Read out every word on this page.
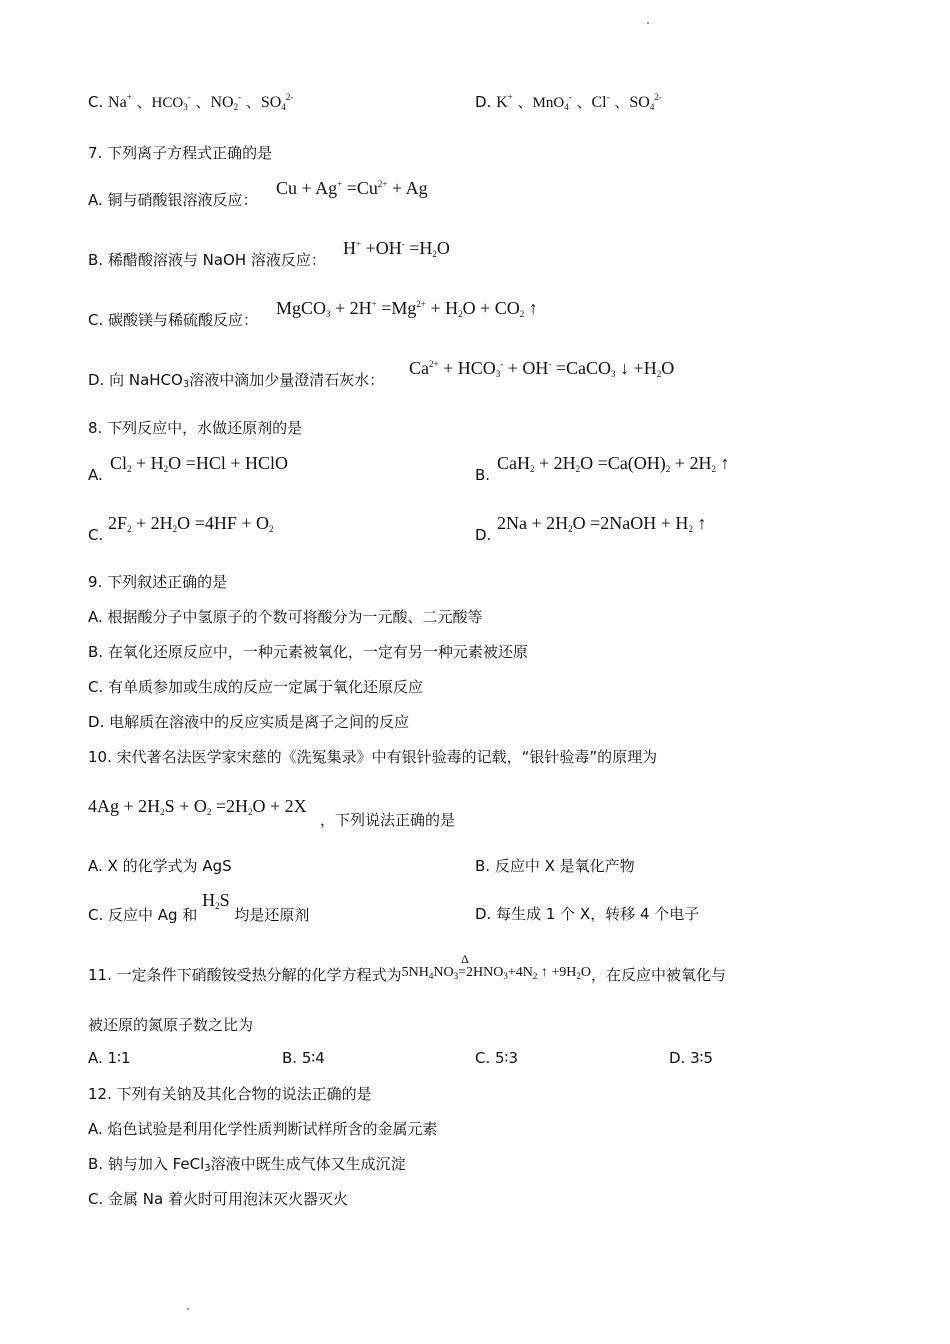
C. Na+ 、$HCO_3^-$ 、$NO_2^-$ 、$SO_4^{2-}$	D. K+ 、MnO$_4$- 、Cl- 、$SO_4^{2-}$
7. 下列离子方程式正确的是
A. 铜与硝酸银溶液反应：
$Cu + Ag^+ =Cu^{2+} + Ag$
B. 稀醋酸溶液与 NaOH 溶液反应：
$H^+ +OH^- =H_2O$
C. 碳酸镁与稀硫酸反应：
MgCO$_3$ + $2H^+ =Mg^{2+} + H_2O + CO_2$ ↑
D. 向 NaHCO$_3$溶液中滴加少量澄清石灰水：
$Ca^{2+} + HCO_3^- + OH^-$ =CaCO$_3$ ↓ $+H_2O$
8. 下列反应中，水做还原剂的是
A.
$Cl_2 + H_2O =HCl$ + HClO
B.
$CaH_2 + 2H_2O =Ca(OH)_2 + 2H_2$ ↑
C.
$2F_2 + 2H_2O =4HF + O_2$	D.
$2Na + 2H_2O$ =2NaOH + $H_2$ ↑
9. 下列叙述正确的是
A. 根据酸分子中氢原子的个数可将酸分为一元酸、二元酸等
B. 在氧化还原反应中，一种元素被氧化，一定有另一种元素被还原
C. 有单质参加或生成的反应一定属于氧化还原反应
D. 电解质在溶液中的反应实质是离子之间的反应
10. 宋代著名法医学家宋慈的《洗冤集录》中有银针验毒的记载，“银针验毒”的原理为
$4Ag + 2H_2S + O_2 =2H_2O + 2X$
，下列说法正确的是
A. X 的化学式为 AgS	B. 反应中 X 是氧化产物
C. 反应中 Ag 和 $H_2S$ 均是还原剂	D. 每生成 1 个 X，转移 4 个电子
11. 一定条件下硝酸铵受热分解的化学方程式为$5NH_4NO_3$
Δ
$=2HNO_3+4N_2$ ↑ $+9H_2O$，在反应中被氧化与
被还原的氮原子数之比为
A. 1∶1	B. 5∶4	C. 5∶3	D. 3∶5
12. 下列有关钠及其化合物的说法正确的是
A. 焰色试验是利用化学性质判断试样所含的金属元素
B. 钠与加入 FeCl$_3$溶液中既生成气体又生成沉淀
C. 金属 Na 着火时可用泡沫灭火器灭火
